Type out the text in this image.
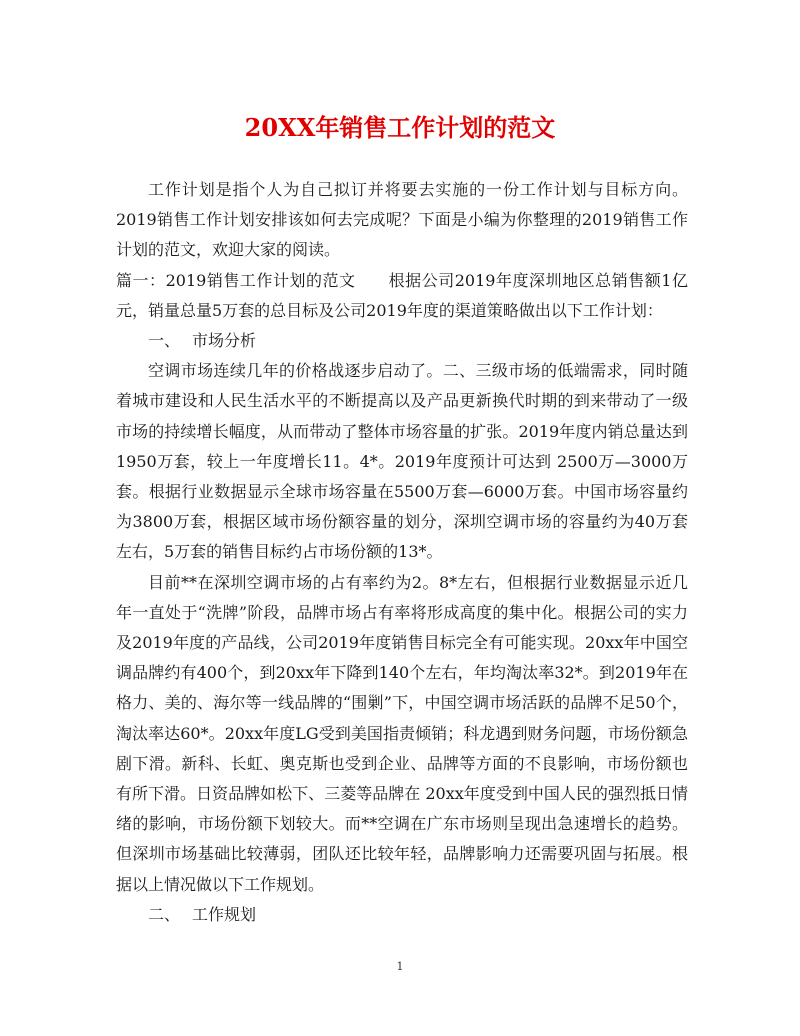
20XX年销售工作计划的范文

工作计划是指个人为自己拟订并将要去实施的一份工作计划与目标方向。2019销售工作计划安排该如何去完成呢？下面是小编为你整理的2019销售工作计划的范文，欢迎大家的阅读。

篇一：2019销售工作计划的范文　　根据公司2019年度深圳地区总销售额1亿元，销量总量5万套的总目标及公司2019年度的渠道策略做出以下工作计划：

一、 市场分析

空调市场连续几年的价格战逐步启动了。二、三级市场的低端需求，同时随着城市建设和人民生活水平的不断提高以及产品更新换代时期的到来带动了一级市场的持续增长幅度，从而带动了整体市场容量的扩张。2019年度内销总量达到1950万套，较上一年度增长11。4*。2019年度预计可达到 2500万—3000万套。根据行业数据显示全球市场容量在5500万套—6000万套。中国市场容量约为3800万套，根据区域市场份额容量的划分，深圳空调市场的容量约为40万套左右，5万套的销售目标约占市场份额的13*。

目前**在深圳空调市场的占有率约为2。8*左右，但根据行业数据显示近几年一直处于“洗牌”阶段，品牌市场占有率将形成高度的集中化。根据公司的实力及2019年度的产品线，公司2019年度销售目标完全有可能实现。20xx年中国空调品牌约有400个，到20xx年下降到140个左右，年均淘汰率32*。到2019年在格力、美的、海尔等一线品牌的“围剿”下，中国空调市场活跃的品牌不足50个，淘汰率达60*。20xx年度LG受到美国指责倾销；科龙遇到财务问题，市场份额急剧下滑。新科、长虹、奥克斯也受到企业、品牌等方面的不良影响，市场份额也有所下滑。日资品牌如松下、三菱等品牌在 20xx年度受到中国人民的强烈抵日情绪的影响，市场份额下划较大。而**空调在广东市场则呈现出急速增长的趋势。但深圳市场基础比较薄弱，团队还比较年轻，品牌影响力还需要巩固与拓展。根据以上情况做以下工作规划。

二、 工作规划

1
